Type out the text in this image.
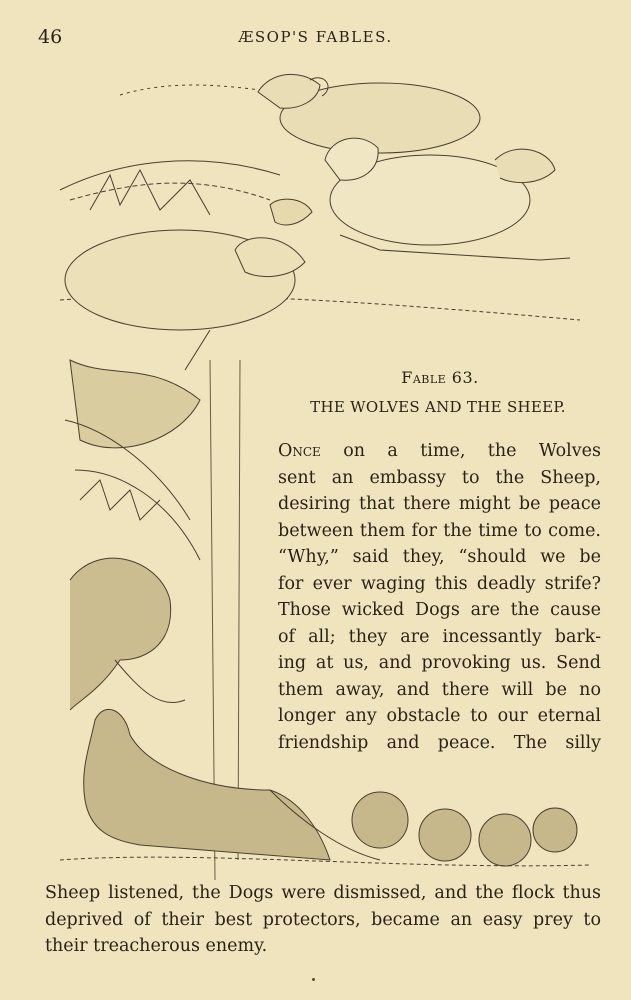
46	ÆSOP'S FABLES.
Fable 63.
THE WOLVES AND THE SHEEP.
Once on a time, the Wolves
sent an embassy to the Sheep,
desiring that there might be peace
between them for the time to come.
“Why,” said they, “should we be
for ever waging this deadly strife?
Those wicked Dogs are the cause
of all; they are incessantly bark-
ing at us, and provoking us. Send
them away, and there will be no
longer any obstacle to our eternal
friendship and peace. The silly
Sheep listened, the Dogs were dismissed, and the flock thus
deprived of their best protectors, became an easy prey to
their treacherous enemy.
